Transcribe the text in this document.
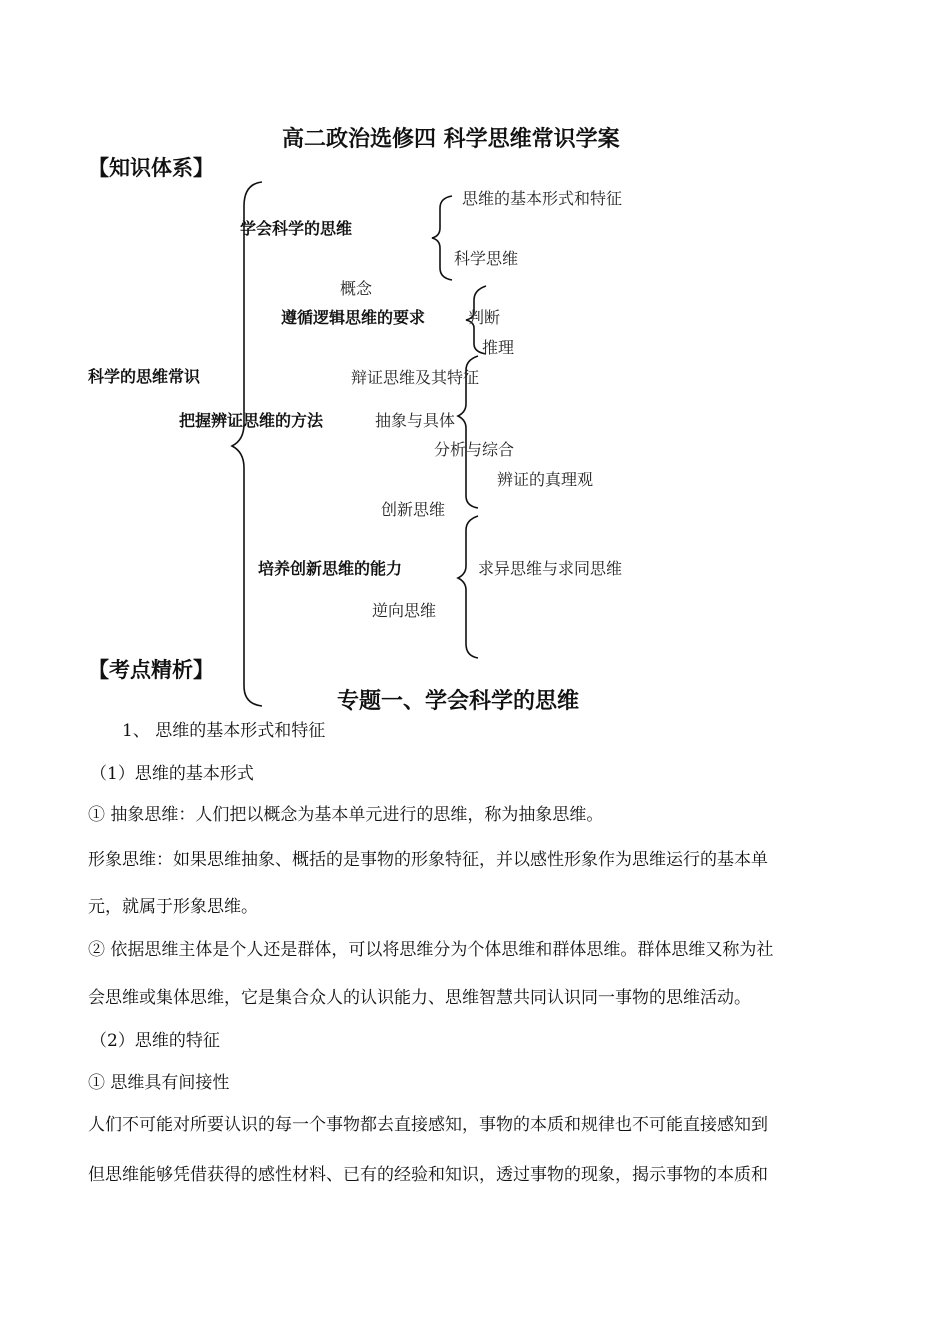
高二政治选修四 科学思维常识学案
【知识体系】
科学的思维常识
学会科学的思维
思维的基本形式和特征
科学思维
概念
遵循逻辑思维的要求	判断
推理
辩证思维及其特征
把握辨证思维的方法	抽象与具体
分析与综合
辨证的真理观
创新思维
培养创新思维的能力	求异思维与求同思维
逆向思维
【考点精析】
专题一、学会科学的思维
1、 思维的基本形式和特征
（1）思维的基本形式
① 抽象思维：人们把以概念为基本单元进行的思维，称为抽象思维。
形象思维：如果思维抽象、概括的是事物的形象特征，并以感性形象作为思维运行的基本单
元，就属于形象思维。
② 依据思维主体是个人还是群体，可以将思维分为个体思维和群体思维。群体思维又称为社
会思维或集体思维，它是集合众人的认识能力、思维智慧共同认识同一事物的思维活动。
（2）思维的特征
① 思维具有间接性
人们不可能对所要认识的每一个事物都去直接感知，事物的本质和规律也不可能直接感知到
但思维能够凭借获得的感性材料、已有的经验和知识，透过事物的现象，揭示事物的本质和
